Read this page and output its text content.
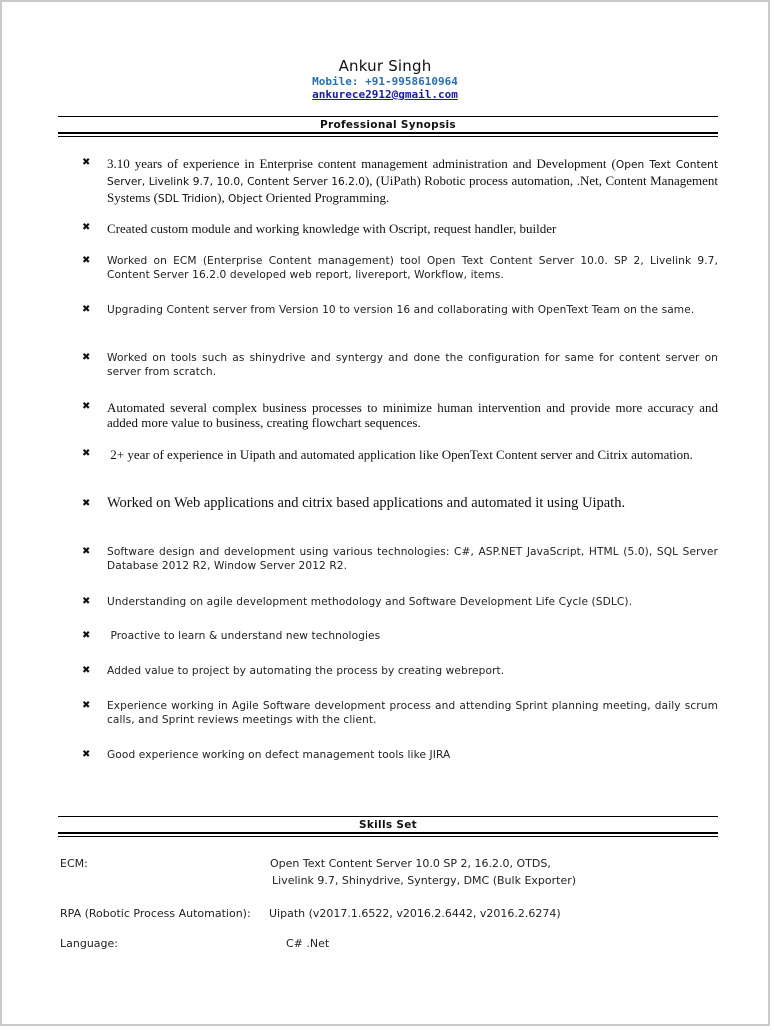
Ankur Singh
Mobile: +91-9958610964
ankurece2912@gmail.com
Professional Synopsis
✖	3.10 years of experience in Enterprise content management administration and Development (Open Text Content Server, Livelink 9.7, 10.0, Content Server 16.2.0), (UiPath) Robotic process automation, .Net, Content Management Systems (SDL Tridion), Object Oriented Programming.
✖	Created custom module and working knowledge with Oscript, request handler, builder
✖	Worked on ECM (Enterprise Content management) tool Open Text Content Server 10.0. SP 2, Livelink 9.7, Content Server 16.2.0 developed web report, livereport, Workflow, items.
✖	Upgrading Content server from Version 10 to version 16 and collaborating with OpenText Team on the same.
✖	Worked on tools such as shinydrive and syntergy and done the configuration for same for content server on server from scratch.
✖	Automated several complex business processes to minimize human intervention and provide more accuracy and added more value to business, creating flowchart sequences.
✖	2+ year of experience in Uipath and automated application like OpenText Content server and Citrix automation.
✖	Worked on Web applications and citrix based applications and automated it using Uipath.
✖	Software design and development using various technologies: C#, ASP.NET JavaScript, HTML (5.0), SQL Server Database 2012 R2, Window Server 2012 R2.
✖	Understanding on agile development methodology and Software Development Life Cycle (SDLC).
✖	Proactive to learn & understand new technologies
✖	Added value to project by automating the process by creating webreport.
✖	Experience working in Agile Software development process and attending Sprint planning meeting, daily scrum calls, and Sprint reviews meetings with the client.
✖	Good experience working on defect management tools like JIRA
Skills Set
ECM:	Open Text Content Server 10.0 SP 2, 16.2.0, OTDS,
Livelink 9.7, Shinydrive, Syntergy, DMC (Bulk Exporter)
RPA (Robotic Process Automation): Uipath (v2017.1.6522, v2016.2.6442, v2016.2.6274)
Language:	C# .Net
